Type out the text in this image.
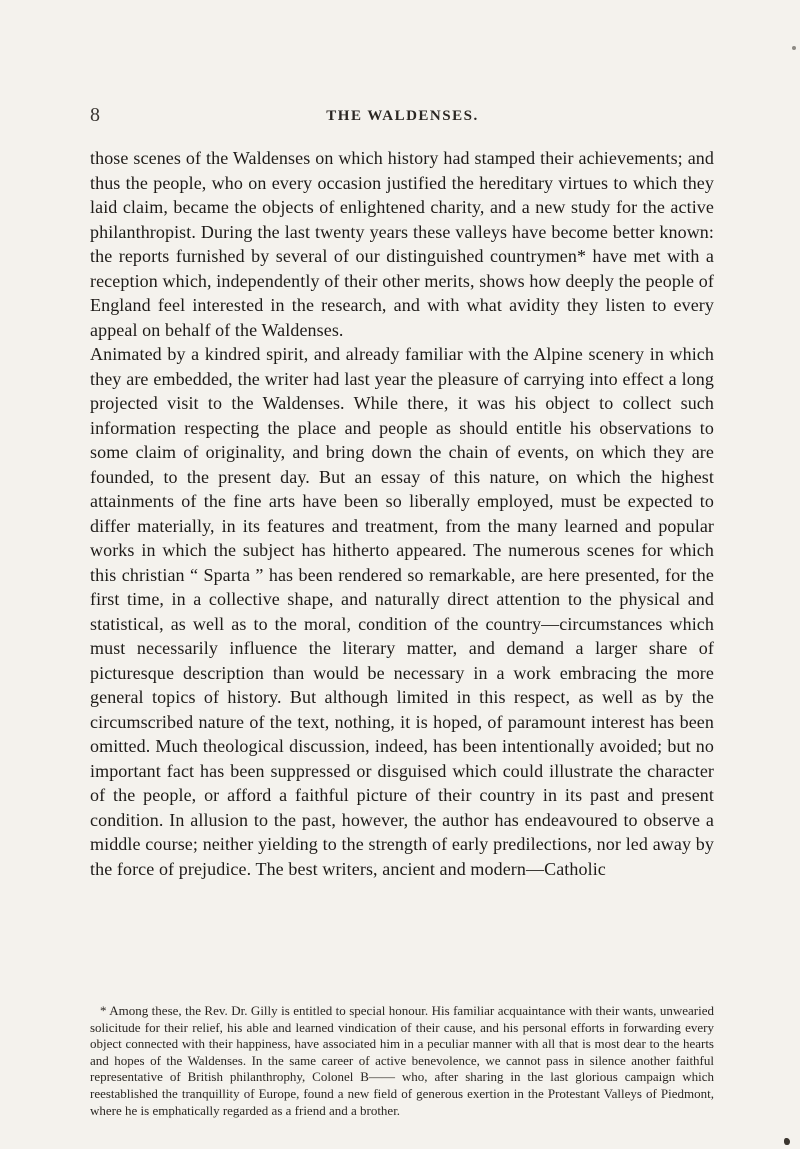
8	THE WALDENSES.

those scenes of the Waldenses on which history had stamped their achievements; and thus the people, who on every occasion justified the hereditary virtues to which they laid claim, became the objects of enlightened charity, and a new study for the active philanthropist. During the last twenty years these valleys have become better known: the reports furnished by several of our distinguished countrymen* have met with a reception which, independently of their other merits, shows how deeply the people of England feel interested in the research, and with what avidity they listen to every appeal on behalf of the Waldenses.

Animated by a kindred spirit, and already familiar with the Alpine scenery in which they are embedded, the writer had last year the pleasure of carrying into effect a long projected visit to the Waldenses. While there, it was his object to collect such information respecting the place and people as should entitle his observations to some claim of originality, and bring down the chain of events, on which they are founded, to the present day. But an essay of this nature, on which the highest attainments of the fine arts have been so liberally employed, must be expected to differ materially, in its features and treatment, from the many learned and popular works in which the subject has hitherto appeared. The numerous scenes for which this christian “ Sparta ” has been rendered so remarkable, are here presented, for the first time, in a collective shape, and naturally direct attention to the physical and statistical, as well as to the moral, condition of the country—circumstances which must necessarily influence the literary matter, and demand a larger share of picturesque description than would be necessary in a work embracing the more general topics of history. But although limited in this respect, as well as by the circumscribed nature of the text, nothing, it is hoped, of paramount interest has been omitted. Much theological discussion, indeed, has been intentionally avoided; but no important fact has been suppressed or disguised which could illustrate the character of the people, or afford a faithful picture of their country in its past and present condition. In allusion to the past, however, the author has endeavoured to observe a middle course; neither yielding to the strength of early predilections, nor led away by the force of prejudice. The best writers, ancient and modern—Catholic

* Among these, the Rev. Dr. Gilly is entitled to special honour. His familiar acquaintance with their wants, unwearied solicitude for their relief, his able and learned vindication of their cause, and his personal efforts in forwarding every object connected with their happiness, have associated him in a peculiar manner with all that is most dear to the hearts and hopes of the Waldenses. In the same career of active benevolence, we cannot pass in silence another faithful representative of British philanthrophy, Colonel B—— who, after sharing in the last glorious campaign which reestablished the tranquillity of Europe, found a new field of generous exertion in the Protestant Valleys of Piedmont, where he is emphatically regarded as a friend and a brother.
